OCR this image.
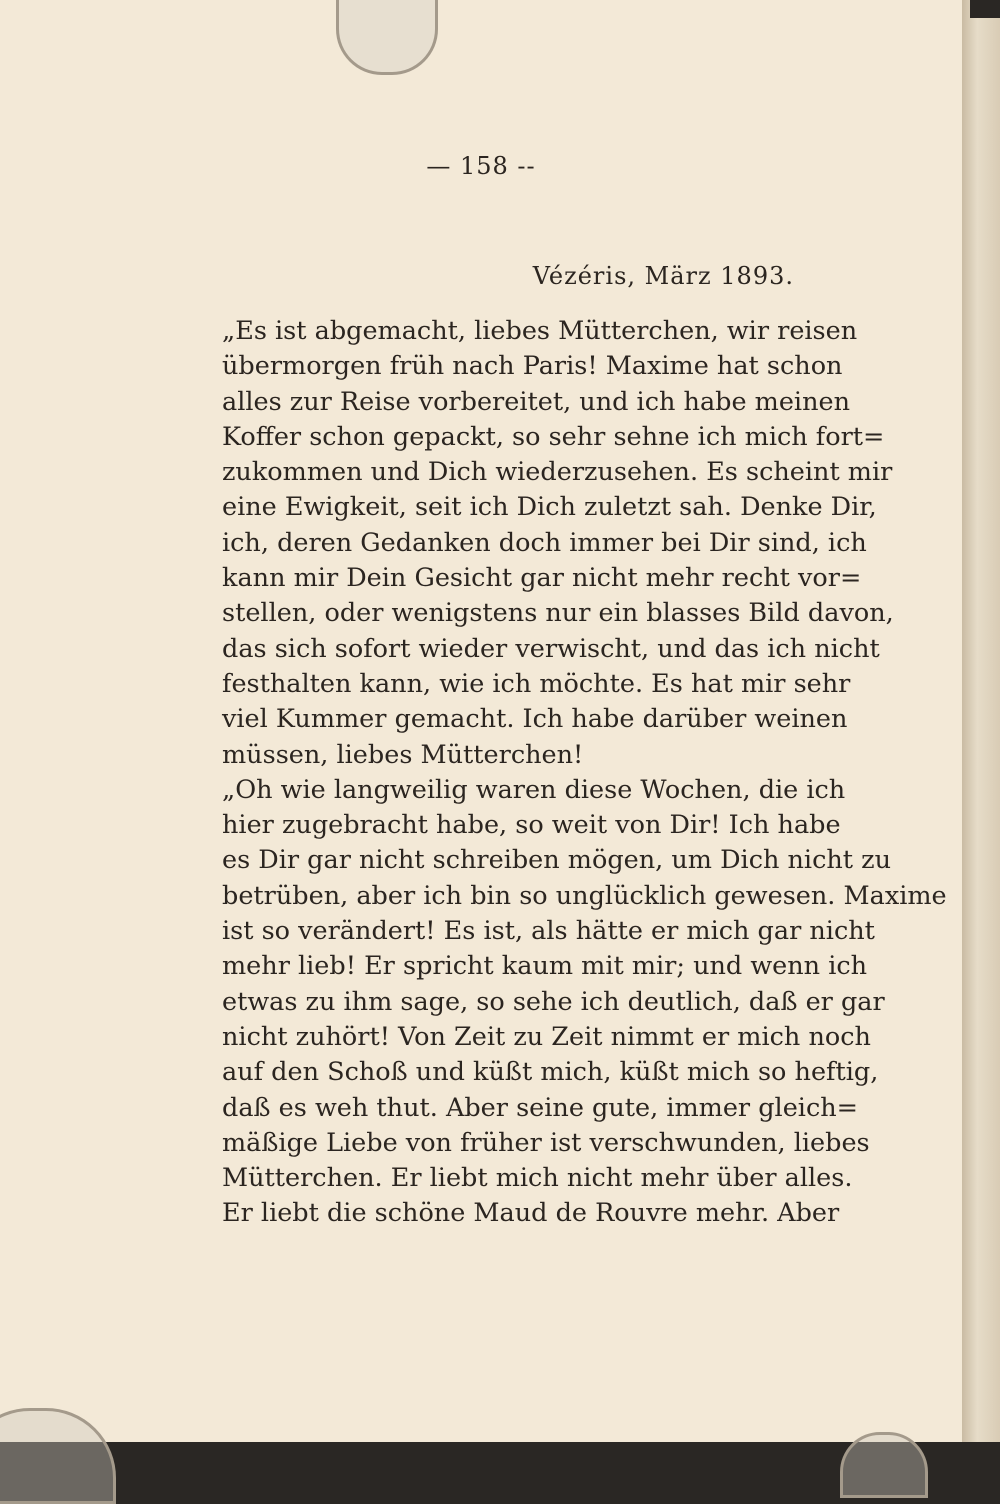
— 158 --
Vézéris, März 1893.
„Es ist abgemacht, liebes Mütterchen, wir reisen
übermorgen früh nach Paris! Maxime hat schon
alles zur Reise vorbereitet, und ich habe meinen
Koffer schon gepackt, so sehr sehne ich mich fort=
zukommen und Dich wiederzusehen. Es scheint mir
eine Ewigkeit, seit ich Dich zuletzt sah. Denke Dir,
ich, deren Gedanken doch immer bei Dir sind, ich
kann mir Dein Gesicht gar nicht mehr recht vor=
stellen, oder wenigstens nur ein blasses Bild davon,
das sich sofort wieder verwischt, und das ich nicht
festhalten kann, wie ich möchte. Es hat mir sehr
viel Kummer gemacht. Ich habe darüber weinen
müssen, liebes Mütterchen!
„Oh wie langweilig waren diese Wochen, die ich
hier zugebracht habe, so weit von Dir! Ich habe
es Dir gar nicht schreiben mögen, um Dich nicht zu
betrüben, aber ich bin so unglücklich gewesen. Maxime
ist so verändert! Es ist, als hätte er mich gar nicht
mehr lieb! Er spricht kaum mit mir; und wenn ich
etwas zu ihm sage, so sehe ich deutlich, daß er gar
nicht zuhört! Von Zeit zu Zeit nimmt er mich noch
auf den Schoß und küßt mich, küßt mich so heftig,
daß es weh thut. Aber seine gute, immer gleich=
mäßige Liebe von früher ist verschwunden, liebes
Mütterchen. Er liebt mich nicht mehr über alles.
Er liebt die schöne Maud de Rouvre mehr. Aber
